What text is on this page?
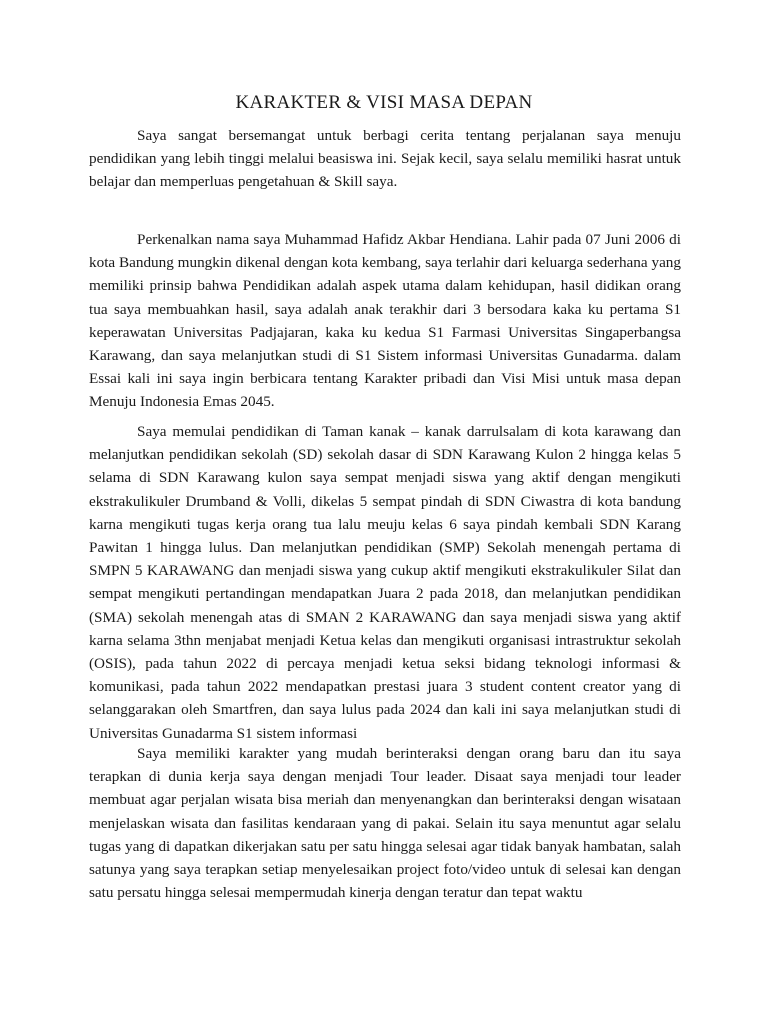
KARAKTER & VISI MASA DEPAN

Saya sangat bersemangat untuk berbagi cerita tentang perjalanan saya menuju pendidikan yang lebih tinggi melalui beasiswa ini. Sejak kecil, saya selalu memiliki hasrat untuk belajar dan memperluas pengetahuan & Skill saya.

Perkenalkan nama saya Muhammad Hafidz Akbar Hendiana. Lahir pada 07 Juni 2006 di kota Bandung mungkin dikenal dengan kota kembang, saya terlahir dari keluarga sederhana yang memiliki prinsip bahwa Pendidikan adalah aspek utama dalam kehidupan, hasil didikan orang tua saya membuahkan hasil, saya adalah anak terakhir dari 3 bersodara kaka ku pertama S1 keperawatan Universitas Padjajaran, kaka ku kedua S1 Farmasi Universitas Singaperbangsa Karawang, dan saya melanjutkan studi di S1 Sistem informasi Universitas Gunadarma. dalam Essai kali ini saya ingin berbicara tentang Karakter pribadi dan Visi Misi untuk masa depan Menuju Indonesia Emas 2045.

Saya memulai pendidikan di Taman kanak – kanak darrulsalam di kota karawang dan melanjutkan pendidikan sekolah (SD) sekolah dasar di SDN Karawang Kulon 2 hingga kelas 5 selama di SDN Karawang kulon saya sempat menjadi siswa yang aktif dengan mengikuti ekstrakulikuler Drumband & Volli, dikelas 5 sempat pindah di SDN Ciwastra di kota bandung karna mengikuti tugas kerja orang tua lalu meuju kelas 6 saya pindah kembali SDN Karang Pawitan 1 hingga lulus. Dan melanjutkan pendidikan (SMP) Sekolah menengah pertama di SMPN 5 KARAWANG dan menjadi siswa yang cukup aktif mengikuti ekstrakulikuler Silat dan sempat mengikuti pertandingan mendapatkan Juara 2 pada 2018, dan melanjutkan pendidikan (SMA) sekolah menengah atas di SMAN 2 KARAWANG dan saya menjadi siswa yang aktif karna selama 3thn menjabat menjadi Ketua kelas dan mengikuti organisasi intrastruktur sekolah (OSIS), pada tahun 2022 di percaya menjadi ketua seksi bidang teknologi informasi & komunikasi, pada tahun 2022 mendapatkan prestasi juara 3 student content creator yang di selanggarakan oleh Smartfren, dan saya lulus pada 2024 dan kali ini saya melanjutkan studi di Universitas Gunadarma S1 sistem informasi

Saya memiliki karakter yang mudah berinteraksi dengan orang baru dan itu saya terapkan di dunia kerja saya dengan menjadi Tour leader. Disaat saya menjadi tour leader membuat agar perjalan wisata bisa meriah dan menyenangkan dan berinteraksi dengan wisataan menjelaskan wisata dan fasilitas kendaraan yang di pakai. Selain itu saya menuntut agar selalu tugas yang di dapatkan dikerjakan satu per satu hingga selesai agar tidak banyak hambatan, salah satunya yang saya terapkan setiap menyelesaikan project foto/video untuk di selesai kan dengan satu persatu hingga selesai mempermudah kinerja dengan teratur dan tepat waktu
